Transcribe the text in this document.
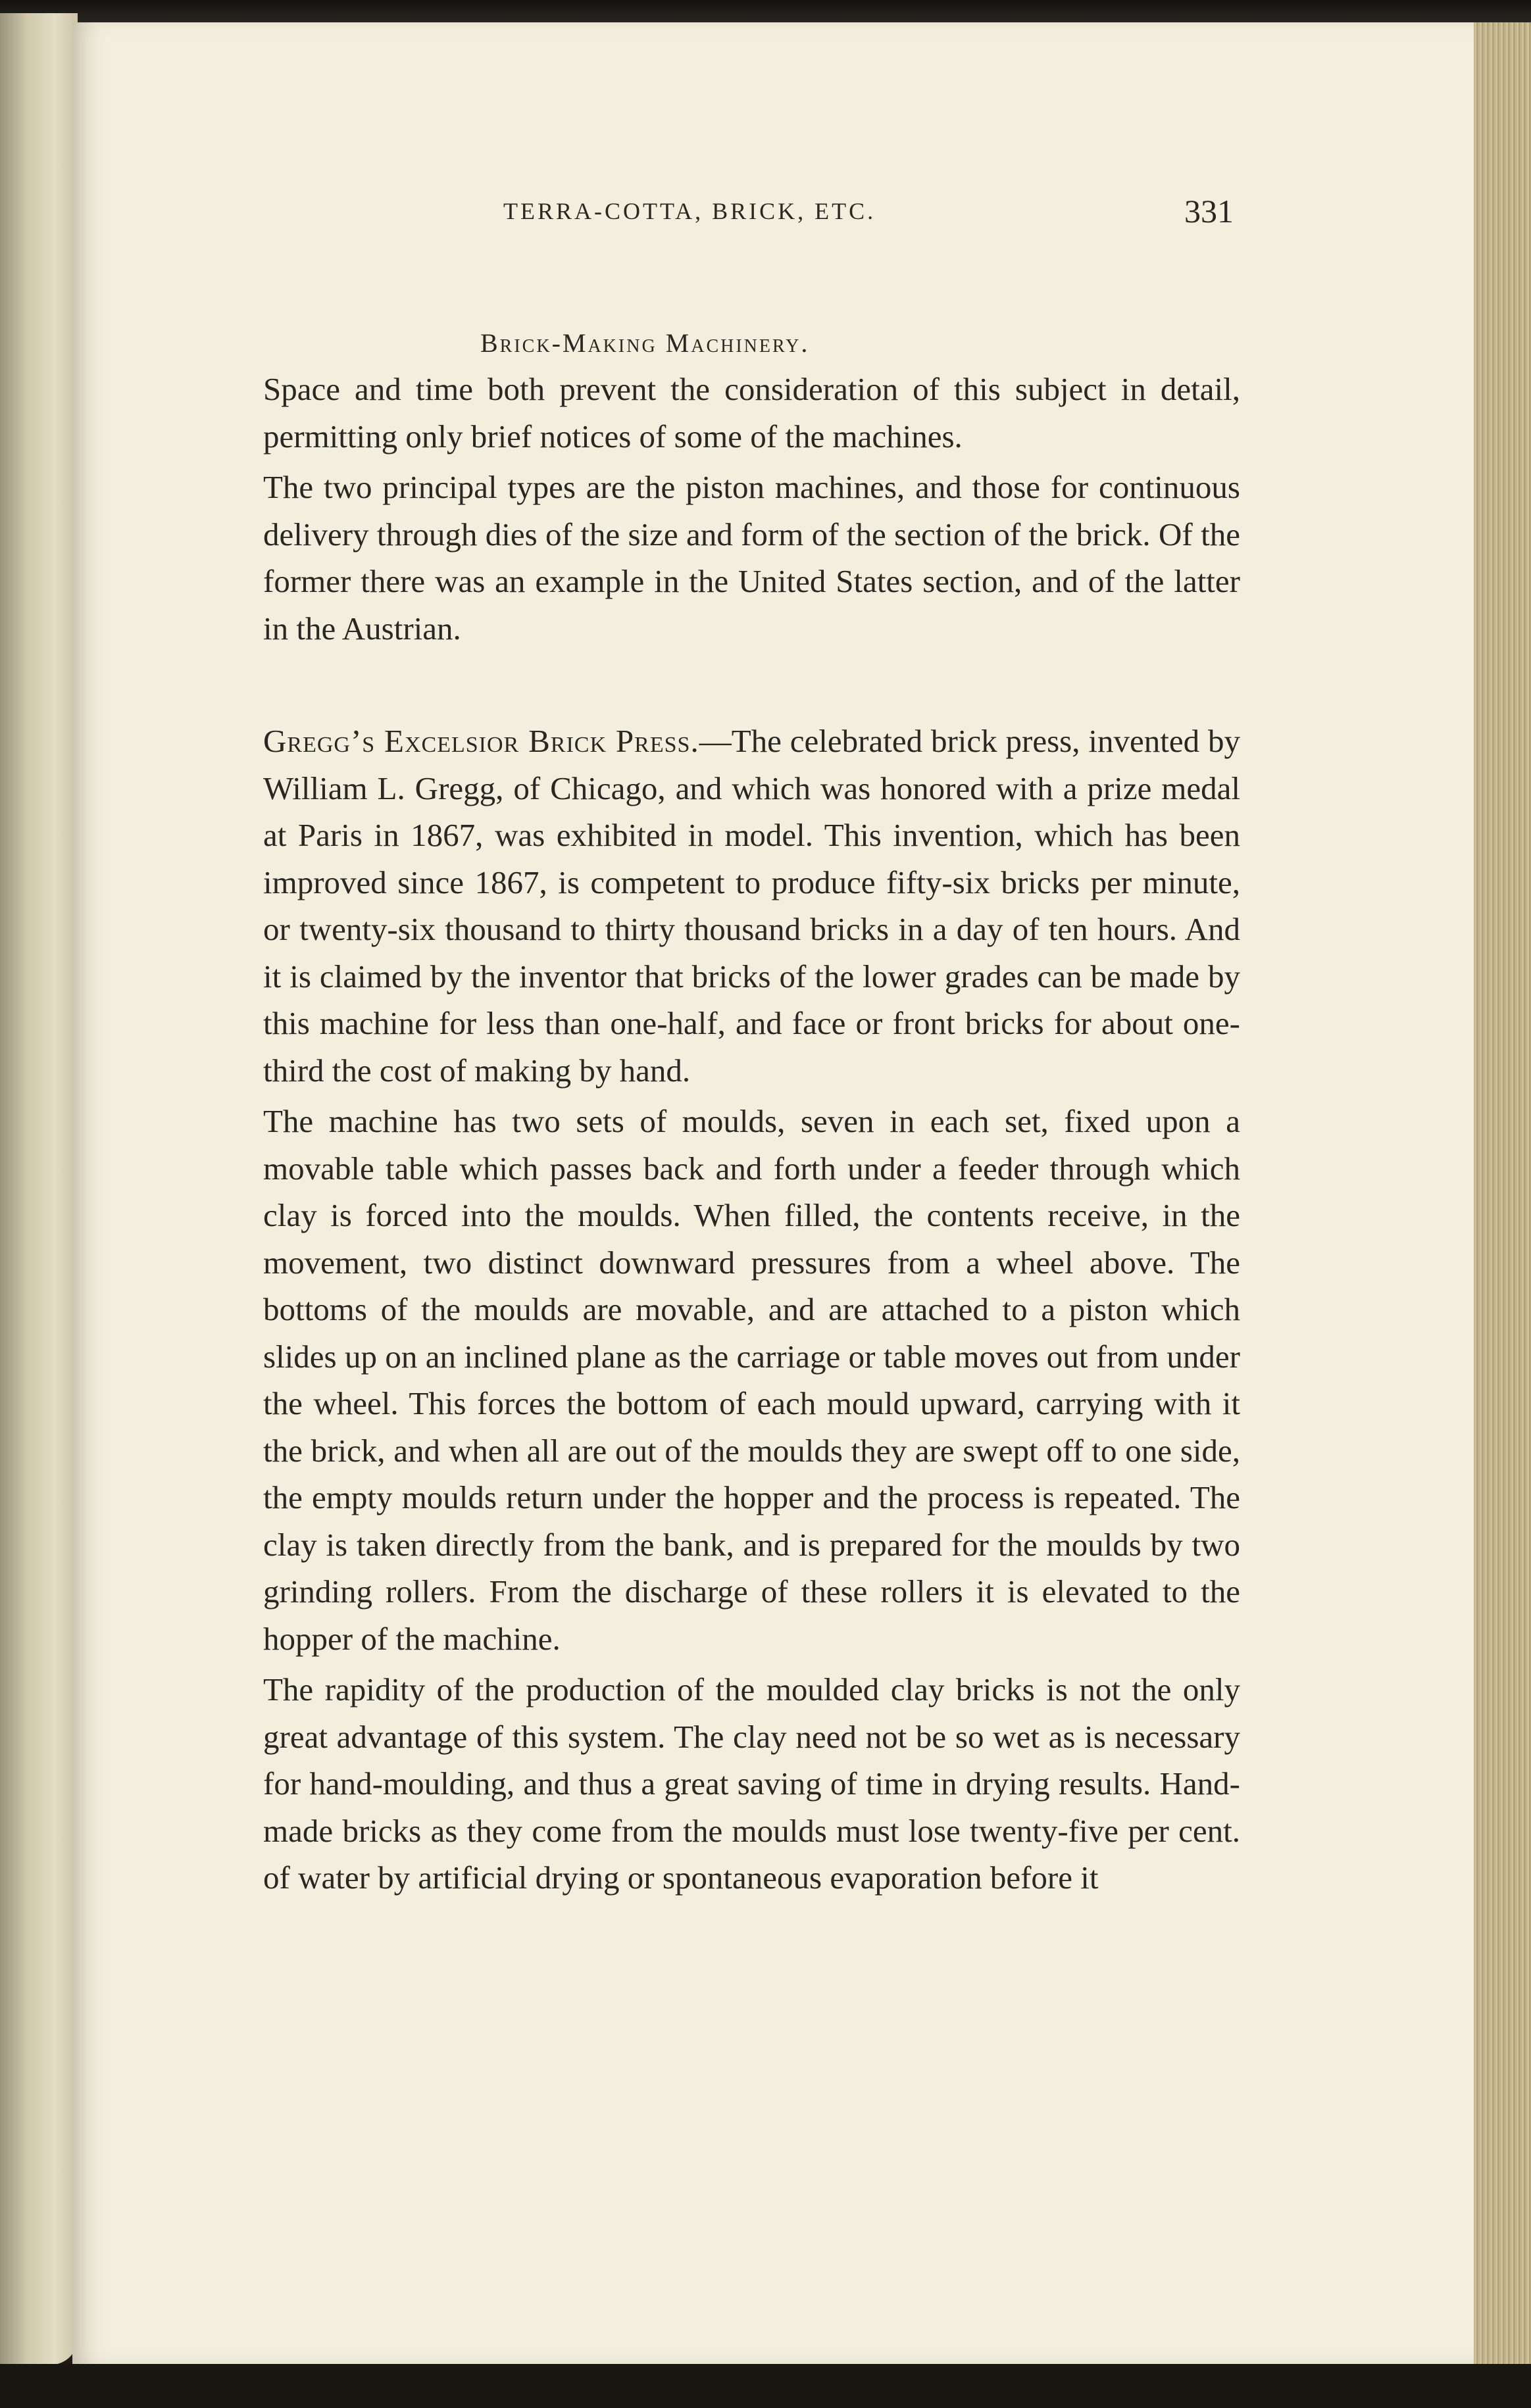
TERRA-COTTA, BRICK, ETC.	331
Brick-Making Machinery.

Space and time both prevent the consideration of this subject in detail, permitting only brief notices of some of the machines.

The two principal types are the piston machines, and those for continuous delivery through dies of the size and form of the section of the brick. Of the former there was an example in the United States section, and of the latter in the Austrian.

Gregg’s Excelsior Brick Press.—The celebrated brick press, invented by William L. Gregg, of Chicago, and which was honored with a prize medal at Paris in 1867, was exhibited in model. This invention, which has been improved since 1867, is competent to produce fifty-six bricks per minute, or twenty-six thousand to thirty thousand bricks in a day of ten hours. And it is claimed by the inventor that bricks of the lower grades can be made by this machine for less than one-half, and face or front bricks for about one-third the cost of making by hand.

The machine has two sets of moulds, seven in each set, fixed upon a movable table which passes back and forth under a feeder through which clay is forced into the moulds. When filled, the contents receive, in the movement, two distinct downward pressures from a wheel above. The bottoms of the moulds are movable, and are attached to a piston which slides up on an inclined plane as the carriage or table moves out from under the wheel. This forces the bottom of each mould upward, carrying with it the brick, and when all are out of the moulds they are swept off to one side, the empty moulds return under the hopper and the process is repeated. The clay is taken directly from the bank, and is prepared for the moulds by two grinding rollers. From the discharge of these rollers it is elevated to the hopper of the machine.

The rapidity of the production of the moulded clay bricks is not the only great advantage of this system. The clay need not be so wet as is necessary for hand-moulding, and thus a great saving of time in drying results. Hand-made bricks as they come from the moulds must lose twenty-five per cent. of water by artificial drying or spontaneous evaporation before it
